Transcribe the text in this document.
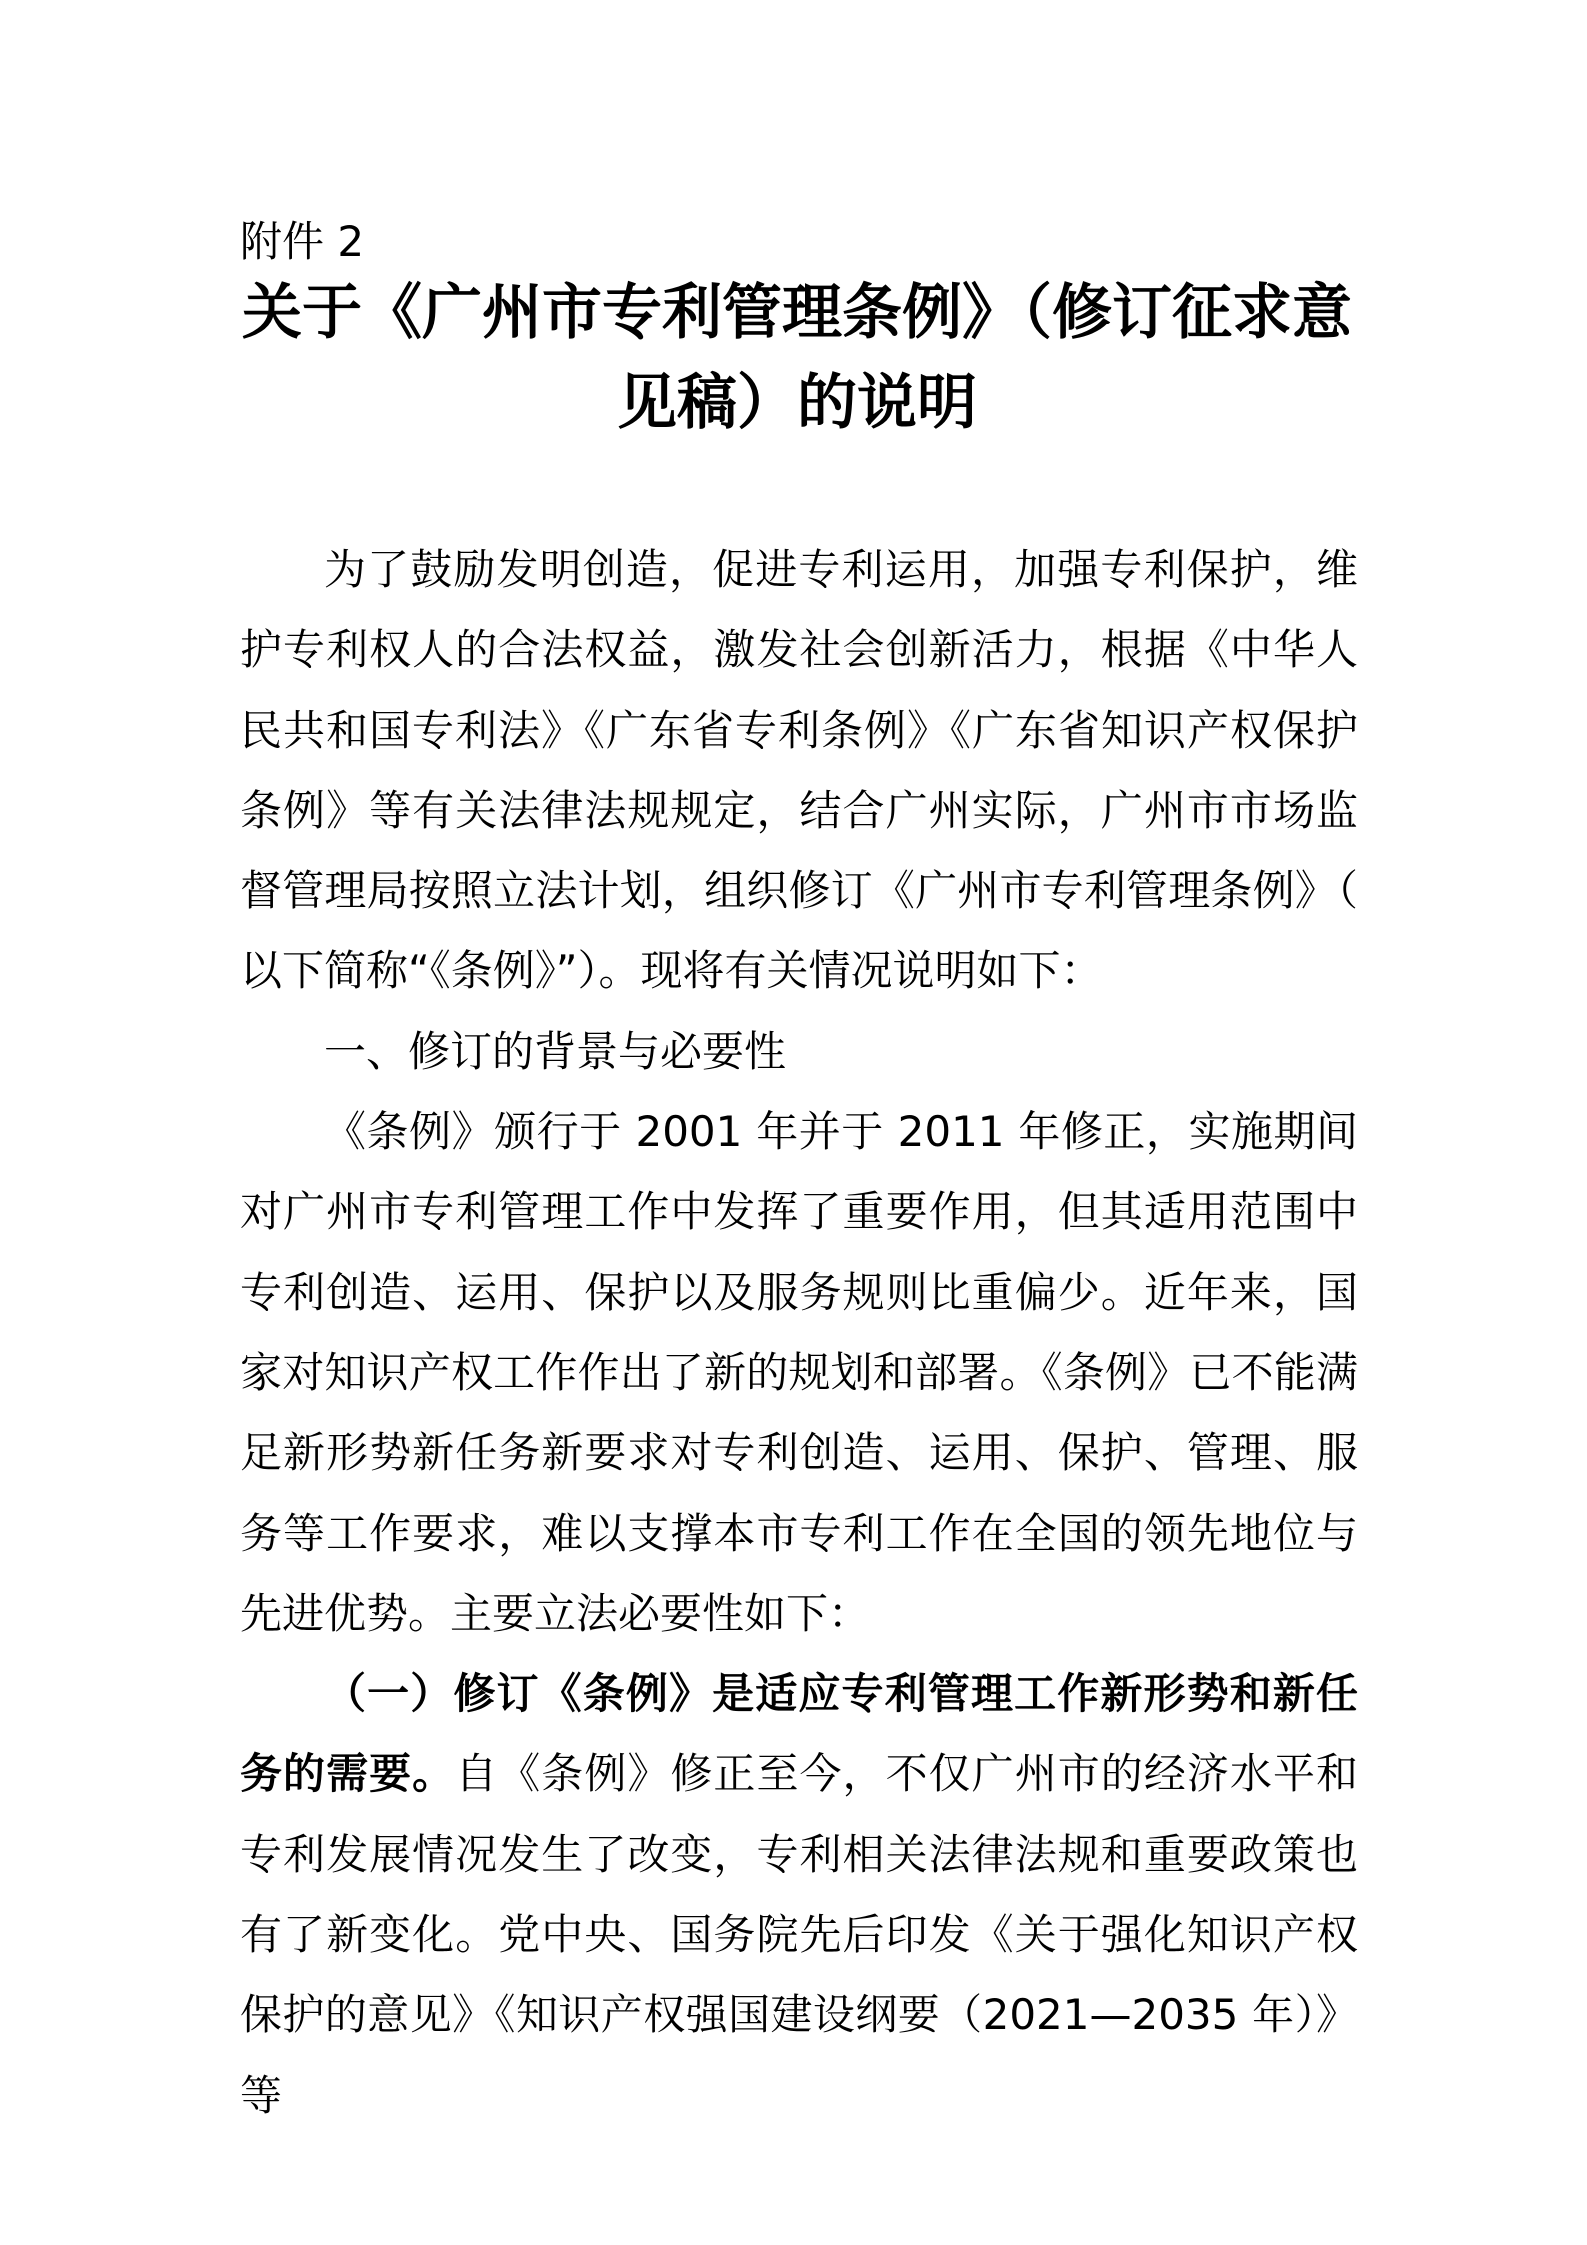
附件 2
关于《广州市专利管理条例》（修订征求意
见稿）的说明

为了鼓励发明创造，促进专利运用，加强专利保护，维护专利权人的合法权益，激发社会创新活力，根据《中华人民共和国专利法》《广东省专利条例》《广东省知识产权保护条例》等有关法律法规规定，结合广州实际，广州市市场监督管理局按照立法计划，组织修订《广州市专利管理条例》（以下简称“《条例》”）。现将有关情况说明如下：

一、修订的背景与必要性

《条例》颁行于 2001 年并于 2011 年修正，实施期间对广州市专利管理工作中发挥了重要作用，但其适用范围中专利创造、运用、保护以及服务规则比重偏少。近年来，国家对知识产权工作作出了新的规划和部署。《条例》已不能满足新形势新任务新要求对专利创造、运用、保护、管理、服务等工作要求，难以支撑本市专利工作在全国的领先地位与先进优势。主要立法必要性如下：

（一）修订《条例》是适应专利管理工作新形势和新任务的需要。自《条例》修正至今，不仅广州市的经济水平和专利发展情况发生了改变，专利相关法律法规和重要政策也有了新变化。党中央、国务院先后印发《关于强化知识产权保护的意见》《知识产权强国建设纲要（2021—2035 年）》等
